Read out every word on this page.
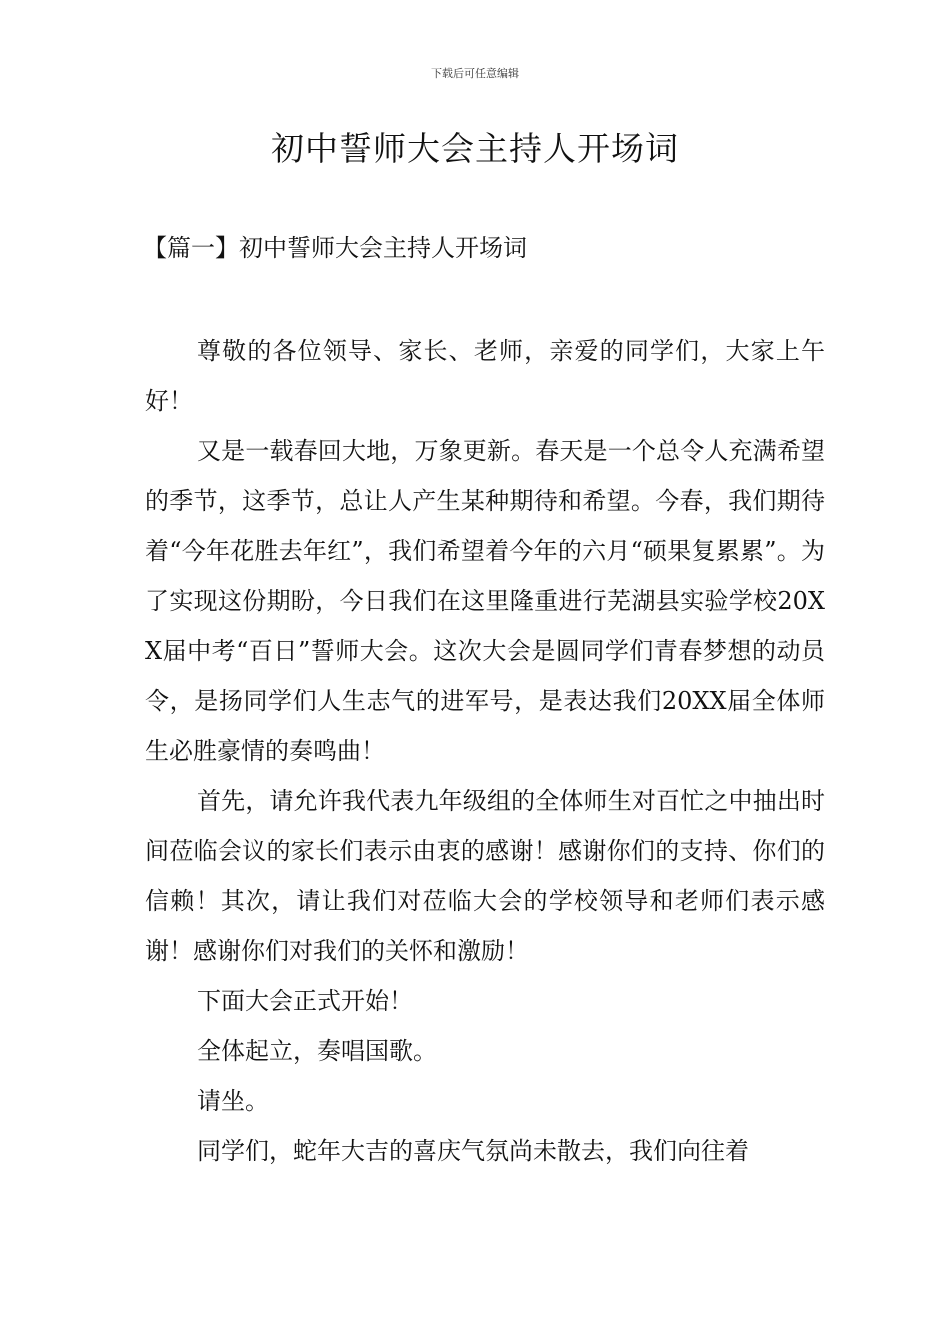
下载后可任意编辑
初中誓师大会主持人开场词
【篇一】初中誓师大会主持人开场词

尊敬的各位领导、家长、老师，亲爱的同学们，大家上午好！

又是一载春回大地，万象更新。春天是一个总令人充满希望的季节，这季节，总让人产生某种期待和希望。今春，我们期待着“今年花胜去年红”，我们希望着今年的六月“硕果复累累”。为了实现这份期盼，今日我们在这里隆重进行芜湖县实验学校20XX届中考“百日”誓师大会。这次大会是圆同学们青春梦想的动员令，是扬同学们人生志气的进军号，是表达我们20XX届全体师生必胜豪情的奏鸣曲！

首先，请允许我代表九年级组的全体师生对百忙之中抽出时间莅临会议的家长们表示由衷的感谢！感谢你们的支持、你们的信赖！其次，请让我们对莅临大会的学校领导和老师们表示感谢！感谢你们对我们的关怀和激励！

下面大会正式开始！

全体起立，奏唱国歌。

请坐。

同学们，蛇年大吉的喜庆气氛尚未散去，我们向往着
